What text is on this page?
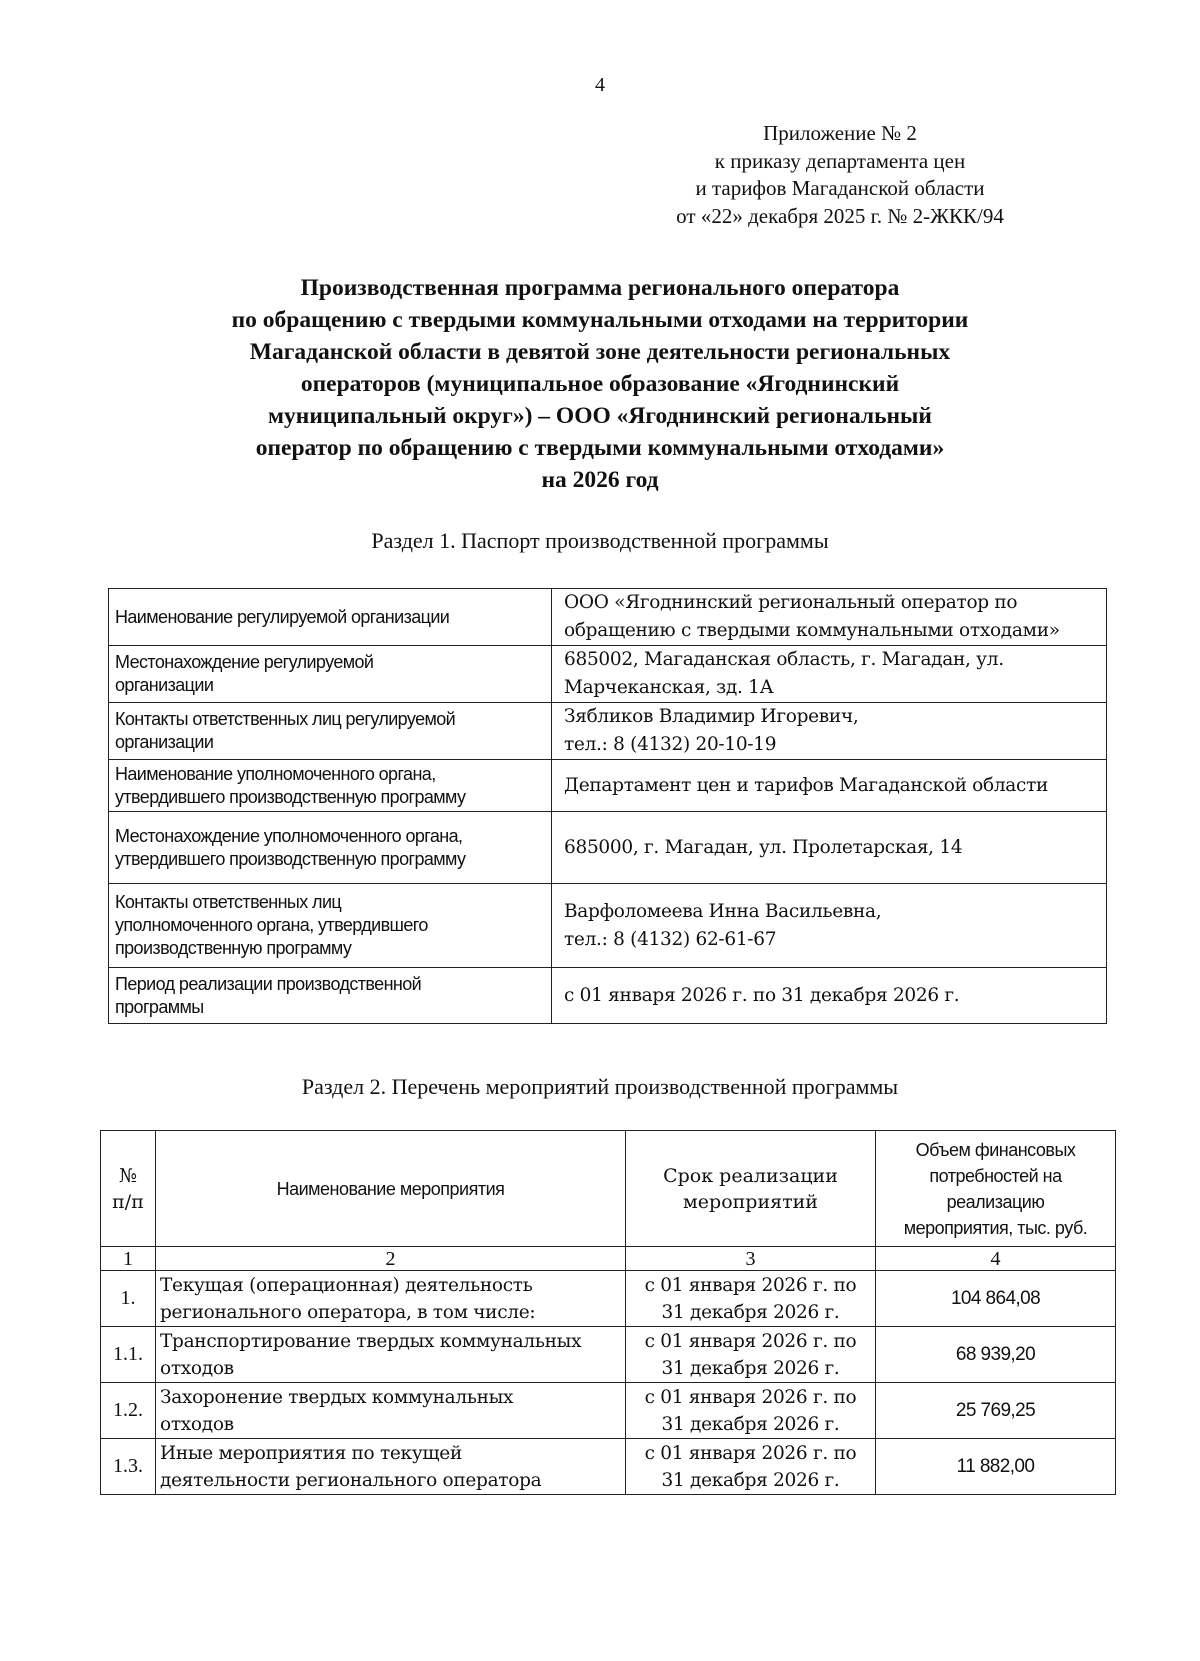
4
Приложение № 2
к приказу департамента цен
и тарифов Магаданской области
от «22» декабря 2025 г. № 2-ЖКК/94
Производственная программа регионального оператора
по обращению с твердыми коммунальными отходами на территории
Магаданской области в девятой зоне деятельности региональных
операторов (муниципальное образование «Ягоднинский
муниципальный округ») – ООО «Ягоднинский региональный
оператор по обращению с твердыми коммунальными отходами»
на 2026 год
Раздел 1. Паспорт производственной программы
Наименование регулируемой организации	ООО «Ягоднинский региональный оператор по
обращению с твердыми коммунальными отходами»
Местонахождение регулируемой
организации	685002, Магаданская область, г. Магадан, ул.
Марчеканская, зд. 1А
Контакты ответственных лиц регулируемой
организации	Зябликов Владимир Игоревич,
тел.: 8 (4132) 20-10-19
Наименование уполномоченного органа,
утвердившего производственную программу	Департамент цен и тарифов Магаданской области
Местонахождение уполномоченного органа,
утвердившего производственную программу	685000, г. Магадан, ул. Пролетарская, 14
Контакты ответственных лиц
уполномоченного органа, утвердившего
производственную программу	Варфоломеева Инна Васильевна,
тел.: 8 (4132) 62-61-67
Период реализации производственной
программы	с 01 января 2026 г. по 31 декабря 2026 г.
Раздел 2. Перечень мероприятий производственной программы
№
п/п	Наименование мероприятия	Срок реализации
мероприятий	Объем финансовых
потребностей на
реализацию
мероприятия, тыс. руб.
1	2	3	4
1.	Текущая (операционная) деятельность
регионального оператора, в том числе:	с 01 января 2026 г. по
31 декабря 2026 г.	104 864,08
1.1.	Транспортирование твердых коммунальных
отходов	с 01 января 2026 г. по
31 декабря 2026 г.	68 939,20
1.2.	Захоронение твердых коммунальных
отходов	с 01 января 2026 г. по
31 декабря 2026 г.	25 769,25
1.3.	Иные мероприятия по текущей
деятельности регионального оператора	с 01 января 2026 г. по
31 декабря 2026 г.	11 882,00
